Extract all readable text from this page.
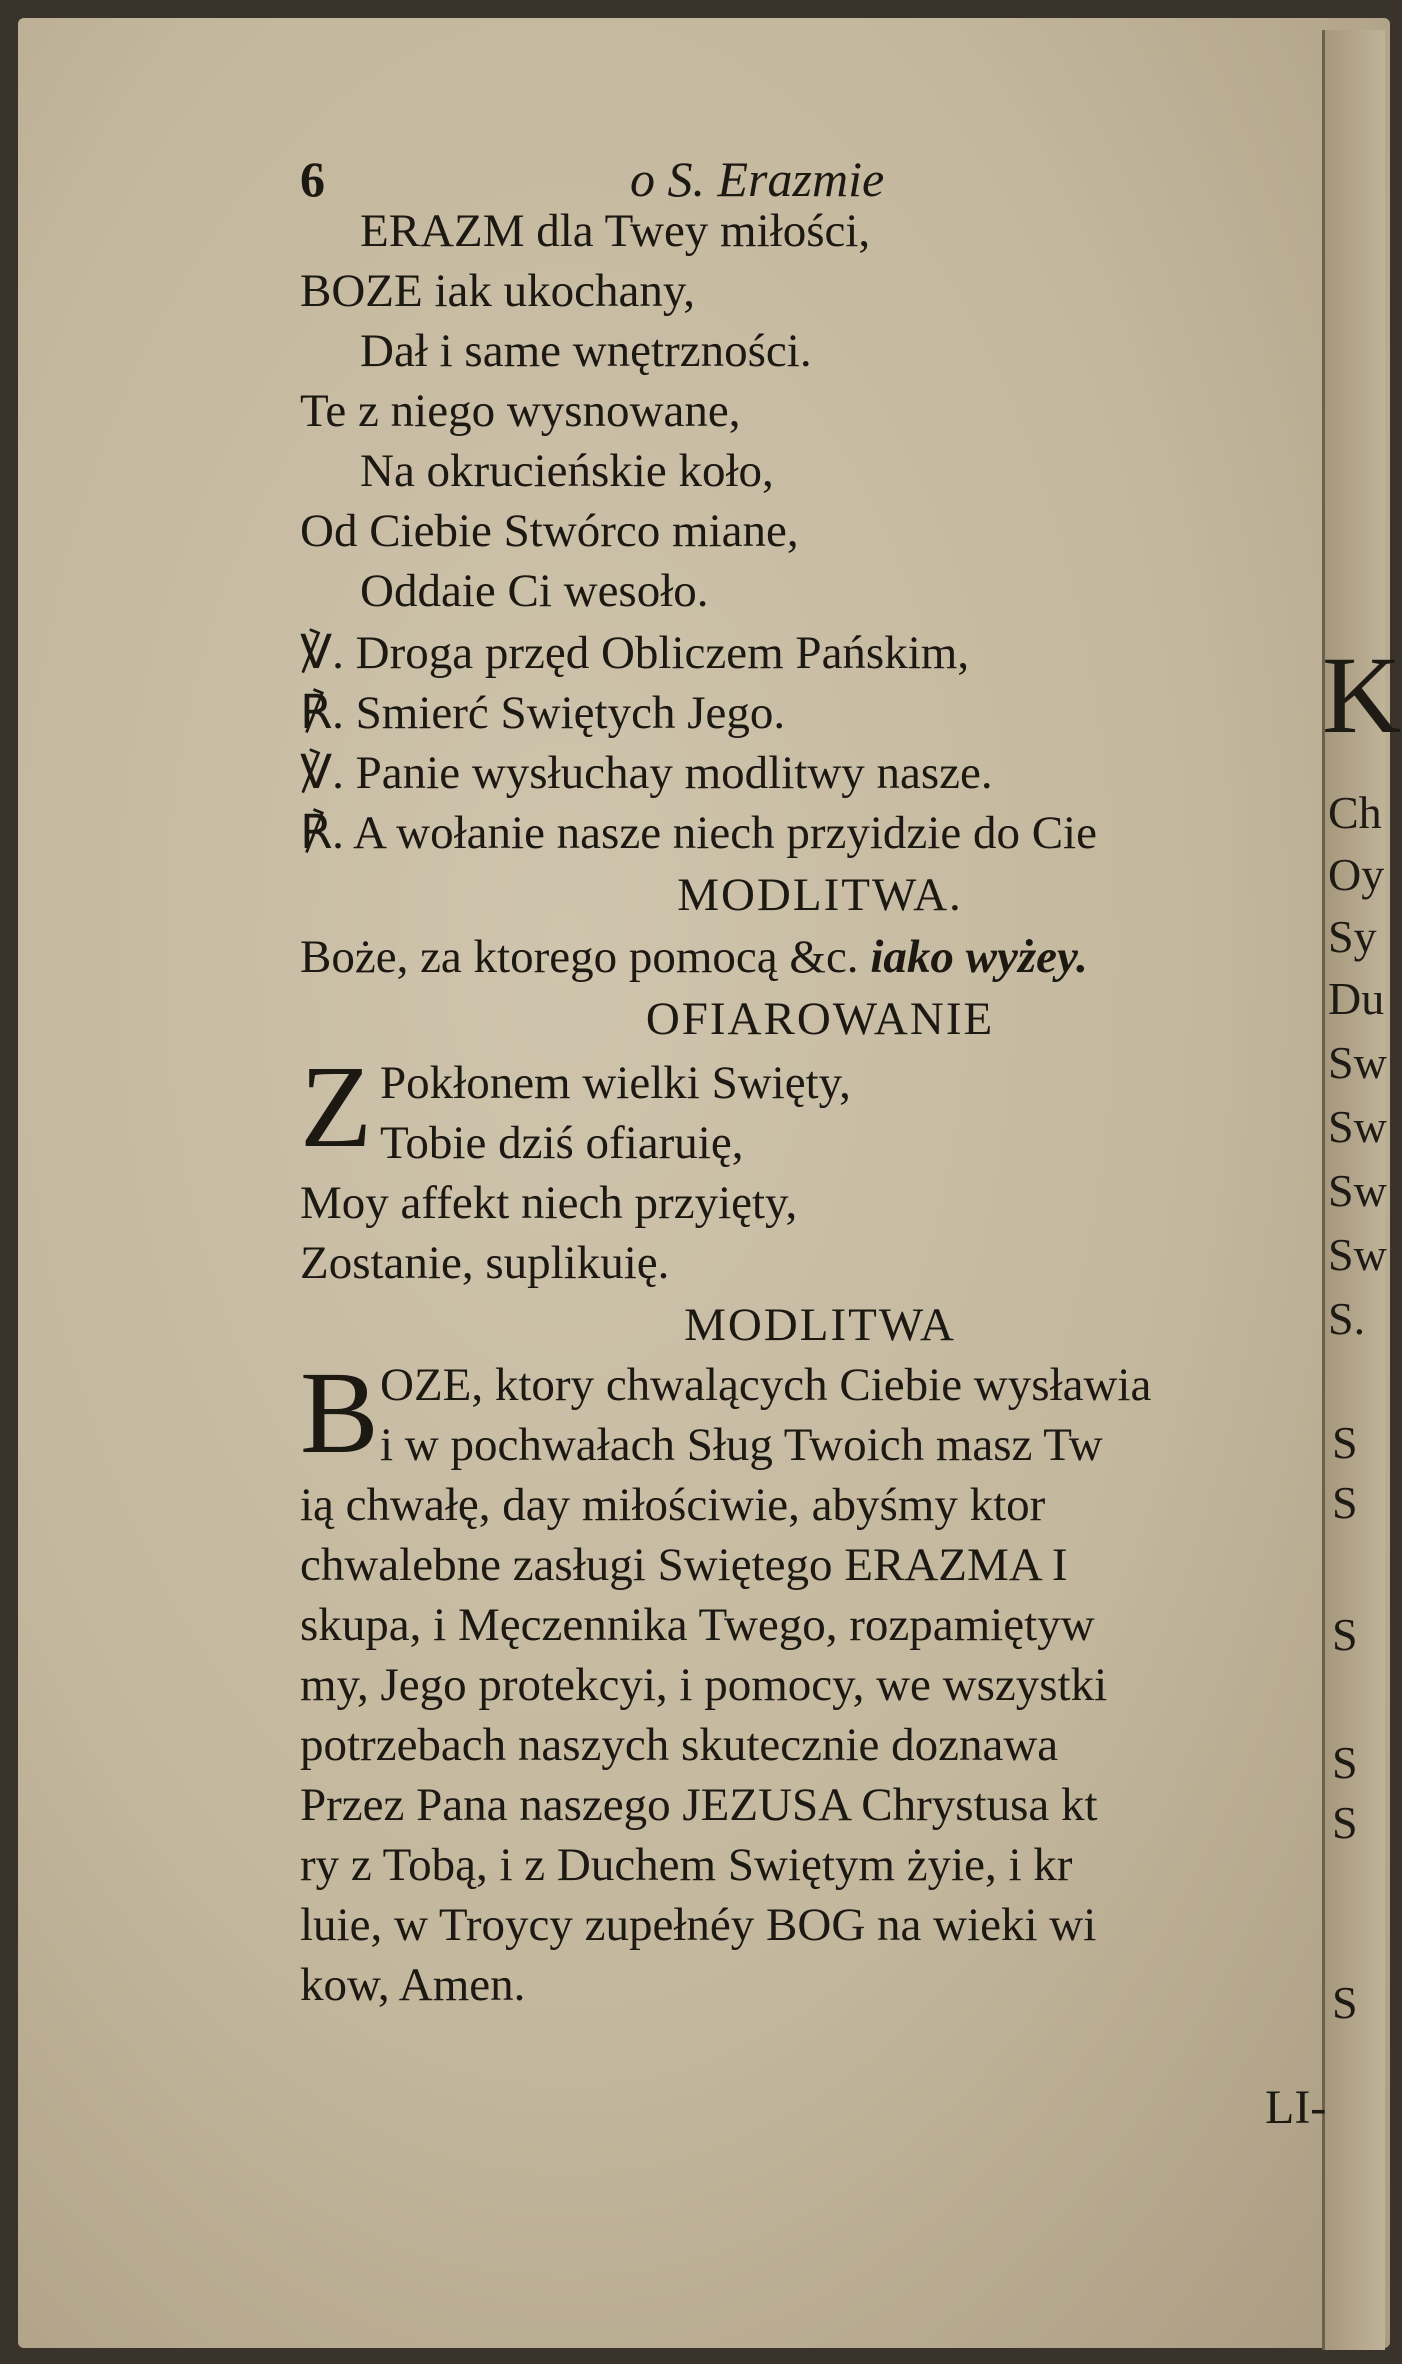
6	o S. Erazmie
ERAZM dla Twey miłości,
BOZE iak ukochany,
Dał i same wnętrzności.
Te z niego wysnowane,
Na okrucieńskie koło,
Od Ciebie Stwórco miane,
Oddaie Ci wesoło.
℣. Droga przęd Obliczem Pańskim,
℟. Smierć Swiętych Jego.
℣. Panie wysłuchay modlitwy nasze.
℟. A wołanie nasze niech przyidzie do Cie
MODLITWA.
Boże, za ktorego pomocą &c. iako wyżey.
OFIAROWANIE
Z Pokłonem wielki Swięty,
Tobie dziś ofiaruię,
Moy affekt niech przyięty,
Zostanie, suplikuię.
MODLITWA
B OZE, ktory chwalących Ciebie wysławia
i w pochwałach Sług Twoich masz Tw
ią chwałę, day miłościwie, abyśmy ktor
chwalebne zasługi Swiętego ERAZMA I
skupa, i Męczennika Twego, rozpamiętyw
my, Jego protekcyi, i pomocy, we wszystki
potrzebach naszych skutecznie doznawa
Przez Pana naszego JEZUSA Chrystusa kt
ry z Tobą, i z Duchem Swiętym żyie, i kr
luie, w Troycy zupełnéy BOG na wieki wi
kow, Amen.
LI-
K
Ch
Oy
Sy
Du
Sw
Sw
Sw
Sw
S.
S
S
S
S
S
S
